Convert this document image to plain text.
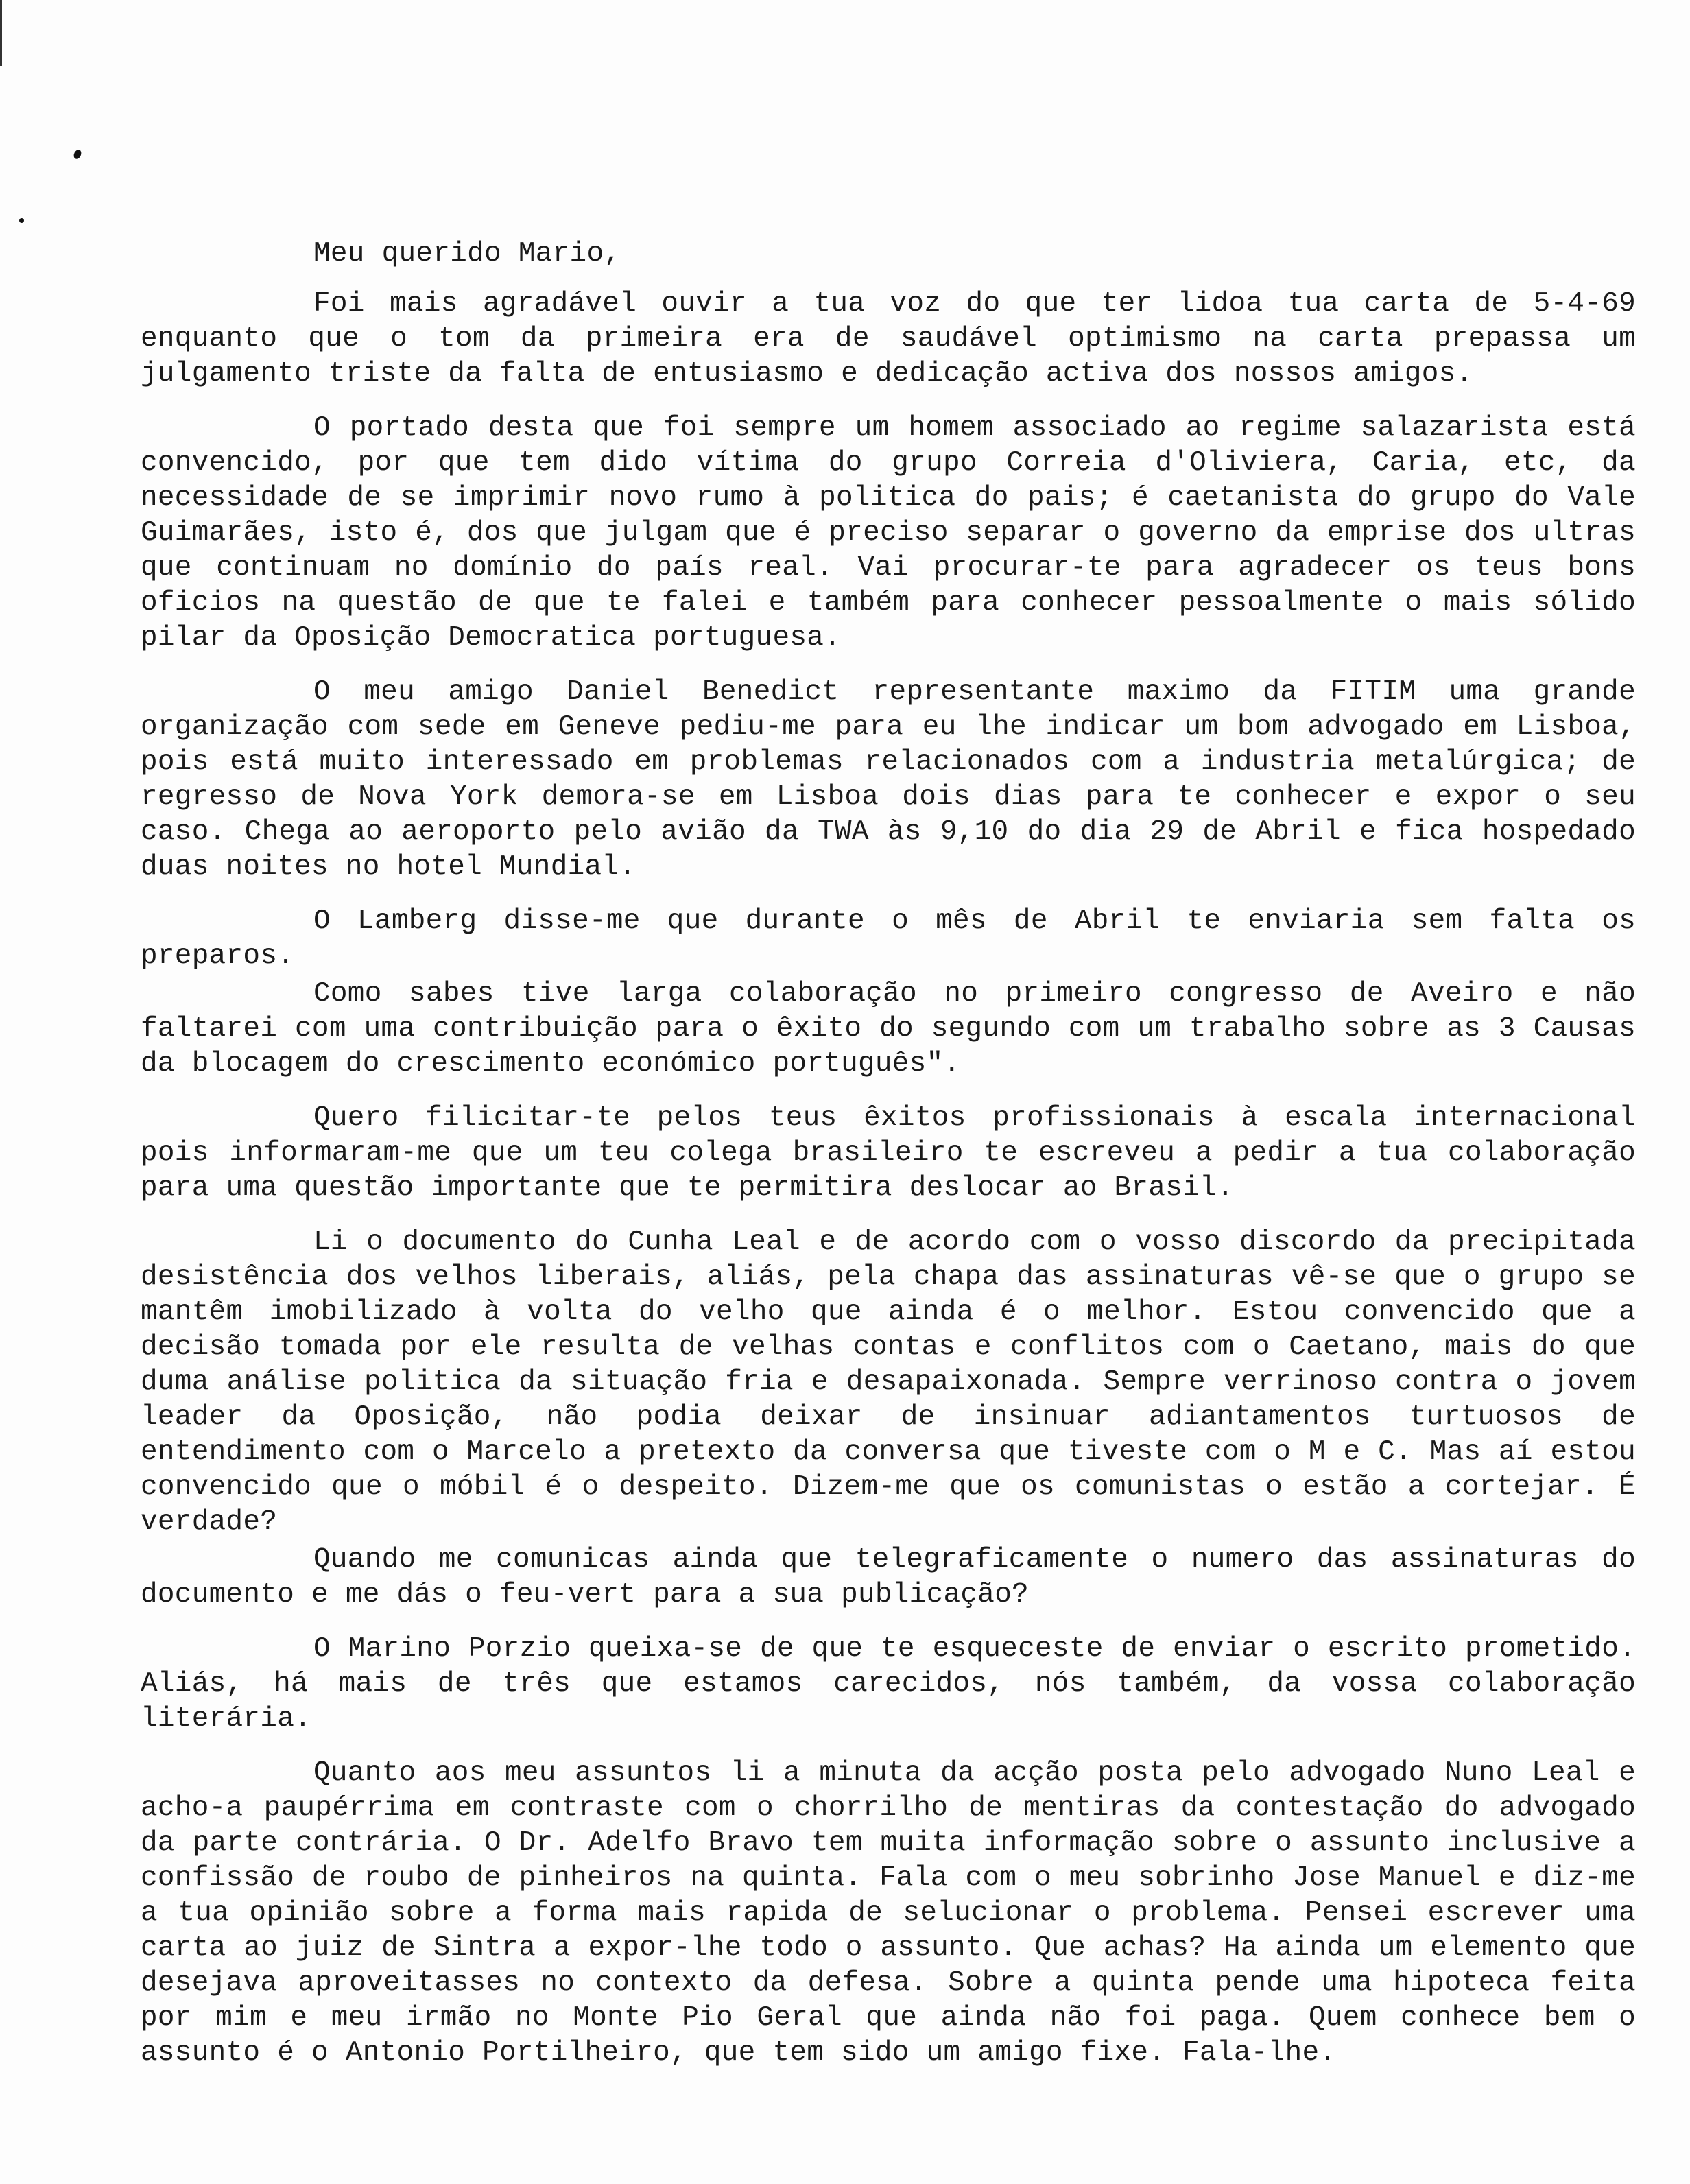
Meu querido Mario,

Foi mais agradável ouvir a tua voz do que ter lidoa tua carta de 5-4-69 enquanto que o tom da primeira era de saudável optimismo na carta prepassa um julgamento triste da falta de entusiasmo e dedicação activa dos nossos amigos.

O portado desta que foi sempre um homem associado ao regime salazarista está convencido, por que tem dido vítima do grupo Correia d'Oliviera, Caria, etc, da necessidade de se imprimir novo rumo à politica do pais; é caetanista do grupo do Vale Guimarães, isto é, dos que julgam que é preciso separar o governo da emprise dos ultras que continuam no domínio do país real. Vai procurar-te para agradecer os teus bons oficios na questão de que te falei e também para conhecer pessoalmente o mais sólido pilar da Oposição Democratica portuguesa.

O meu amigo Daniel Benedict representante maximo da FITIM uma grande organização com sede em Geneve pediu-me para eu lhe indicar um bom advogado em Lisboa, pois está muito interessado em problemas relacionados com a industria metalúrgica; de regresso de Nova York demora-se em Lisboa dois dias para te conhecer e expor o seu caso. Chega ao aeroporto pelo avião da TWA às 9,10 do dia 29 de Abril e fica hospedado duas noites no hotel Mundial.

O Lamberg disse-me que durante o mês de Abril te enviaria sem falta os preparos.

Como sabes tive larga colaboração no primeiro congresso de Aveiro e não faltarei com uma contribuição para o êxito do segundo com um trabalho sobre as 3 Causas da blocagem do crescimento económico português".

Quero filicitar-te pelos teus êxitos profissionais à escala internacional pois informaram-me que um teu colega brasileiro te escreveu a pedir a tua colaboração para uma questão importante que te permitira deslocar ao Brasil.

Li o documento do Cunha Leal e de acordo com o vosso discordo da precipitada desistência dos velhos liberais, aliás, pela chapa das assinaturas vê-se que o grupo se mantêm imobilizado à volta do velho que ainda é o melhor. Estou convencido que a decisão tomada por ele resulta de velhas contas e conflitos com o Caetano, mais do que duma análise politica da situação fria e desapaixonada. Sempre verrinoso contra o jovem leader da Oposição, não podia deixar de insinuar adiantamentos turtuosos de entendimento com o Marcelo a pretexto da conversa que tiveste com o M e C. Mas aí estou convencido que o móbil é o despeito. Dizem-me que os comunistas o estão a cortejar. É verdade?

Quando me comunicas ainda que telegraficamente o numero das assinaturas do documento e me dás o feu-vert para a sua publicação?

O Marino Porzio queixa-se de que te esqueceste de enviar o escrito prometido. Aliás, há mais de três que estamos carecidos, nós também, da vossa colaboração literária.

Quanto aos meu assuntos li a minuta da acção posta pelo advogado Nuno Leal e acho-a paupérrima em contraste com o chorrilho de mentiras da contestação do advogado da parte contrária. O Dr. Adelfo Bravo tem muita informação sobre o assunto inclusive a confissão de roubo de pinheiros na quinta. Fala com o meu sobrinho Jose Manuel e diz-me a tua opinião sobre a forma mais rapida de selucionar o problema. Pensei escrever uma carta ao juiz de Sintra a expor-lhe todo o assunto. Que achas? Ha ainda um elemento que desejava aproveitasses no contexto da defesa. Sobre a quinta pende uma hipoteca feita por mim e meu irmão no Monte Pio Geral que ainda não foi paga. Quem conhece bem o assunto é o Antonio Portilheiro, que tem sido um amigo fixe. Fala-lhe.
